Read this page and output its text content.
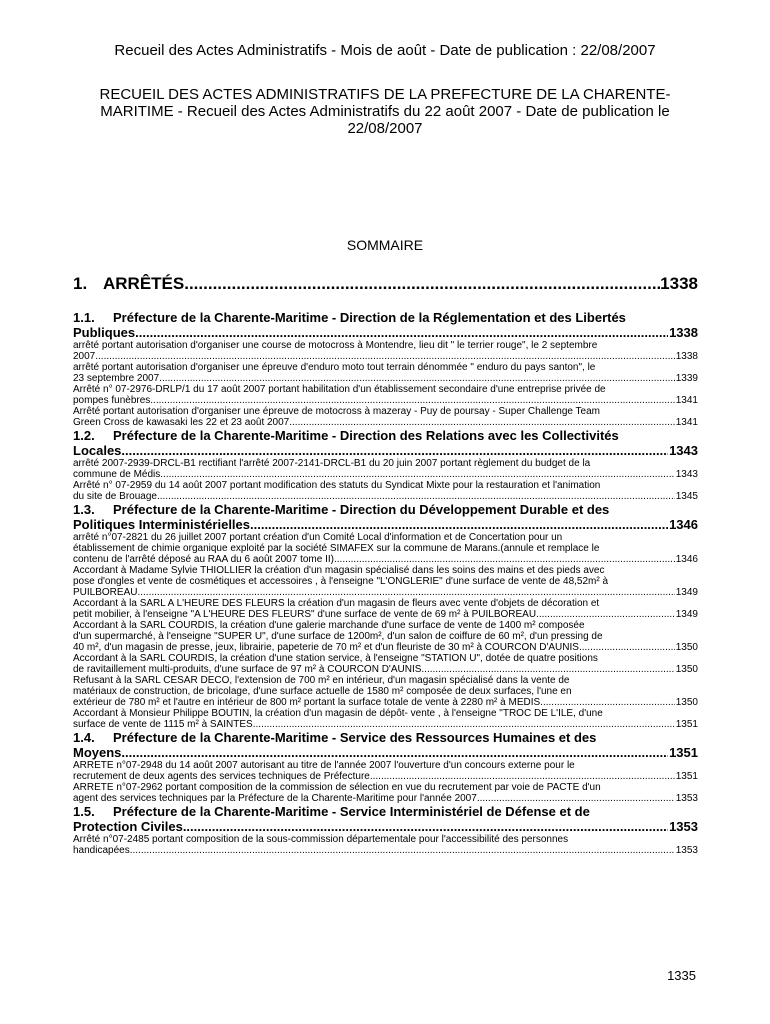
Recueil des Actes Administratifs - Mois de août - Date de publication : 22/08/2007
RECUEIL DES ACTES ADMINISTRATIFS DE LA PREFECTURE DE LA CHARENTE-
MARITIME - Recueil des Actes Administratifs du 22 août 2007 - Date de publication le
22/08/2007
SOMMAIRE
1. ARRÊTÉS .....	1338
1.1.	Préfecture de la Charente-Maritime - Direction de la Réglementation et des Libertés
Publiques .....	1338
arrêté portant autorisation d'organiser une course de motocross à Montendre, lieu dit " le terrier rouge", le 2 septembre
2007 .....	1338
arrêté portant autorisation d'organiser une épreuve d'enduro moto tout terrain dénommée " enduro du pays santon", le
23 septembre 2007 .....	1339
Arrêté n° 07-2976-DRLP/1 du 17 août 2007 portant habilitation d'un établissement secondaire d'une entreprise privée de
pompes funèbres .....	1341
Arrêté portant autorisation d'organiser une épreuve de motocross à mazeray - Puy de poursay - Super Challenge Team
Green Cross de kawasaki les 22 et 23 août 2007 .....	1341
1.2.	Préfecture de la Charente-Maritime - Direction des Relations avec les Collectivités
Locales .....	1343
arrêté 2007-2939-DRCL-B1 rectifiant l'arrêté 2007-2141-DRCL-B1 du 20 juin 2007 portant règlement du budget de la
commune de Médis .....	1343
Arrêté n° 07-2959 du 14 août 2007 portant modification des statuts du Syndicat Mixte pour la restauration et l'animation
du site de Brouage .....	1345
1.3.	Préfecture de la Charente-Maritime - Direction du Développement Durable et des
Politiques Interministérielles .....	1346
arrêté n°07-2821 du 26 juillet 2007 portant création d'un Comité Local d'information et de Concertation pour un
établissement de chimie organique exploité par la société SIMAFEX sur la commune de Marans.(annule et remplace le
contenu de l'arrêté déposé au RAA du 6 août 2007 tome II) .....	1346
Accordant à Madame Sylvie THIOLLIER la création d'un magasin spécialisé dans les soins des mains et des pieds avec
pose d'ongles et vente de cosmétiques et accessoires , à l'enseigne "L'ONGLERIE" d'une surface de vente de 48,52m² à
PUILBOREAU .....	1349
Accordant à la SARL A L'HEURE DES FLEURS la création d'un magasin de fleurs avec vente d'objets de décoration et
petit mobilier, à l'enseigne "A L'HEURE DES FLEURS" d'une surface de vente de 69 m² à PUILBOREAU .....	1349
Accordant à la SARL COURDIS, la création d'une galerie marchande d'une surface de vente de 1400 m² composée
d'un supermarché, à l'enseigne "SUPER U", d'une surface de 1200m², d'un salon de coiffure de 60 m², d'un pressing de
40 m², d'un magasin de presse, jeux, librairie, papeterie de 70 m² et d'un fleuriste de 30 m² à COURCON D'AUNIS .....	1350
Accordant à la SARL COURDIS, la création d'une station service, à l'enseigne "STATION U", dotée de quatre positions
de ravitaillement multi-produits, d'une surface de 97 m² à COURCON D'AUNIS .....	1350
Refusant à la SARL CESAR DECO, l'extension de 700 m² en intérieur, d'un magasin spécialisé dans la vente de
matériaux de construction, de bricolage, d'une surface actuelle de 1580 m² composée de deux surfaces, l'une en
extérieur de 780 m² et l'autre en intérieur de 800 m² portant la surface totale de vente à 2280 m² à MEDIS .....	1350
Accordant à Monsieur Philippe BOUTIN, la création d'un magasin de dépôt- vente , à l'enseigne "TROC DE L'ILE, d'une
surface de vente de 1115 m² à SAINTES .....	1351
1.4.	Préfecture de la Charente-Maritime - Service des Ressources Humaines et des
Moyens .....	1351
ARRETE n°07-2948 du 14 août 2007 autorisant au titre de l'année 2007 l'ouverture d'un concours externe pour le
recrutement de deux agents des services techniques de Préfecture .....	1351
ARRETE n°07-2962 portant composition de la commission de sélection en vue du recrutement par voie de PACTE d'un
agent des services techniques par la Préfecture de la Charente-Maritime pour l'année 2007 .....	1353
1.5.	Préfecture de la Charente-Maritime - Service Interministériel de Défense et de
Protection Civiles .....	1353
Arrêté n°07-2485 portant composition de la sous-commission départementale pour l'accessibilité des personnes
handicapées .....	1353
1335
